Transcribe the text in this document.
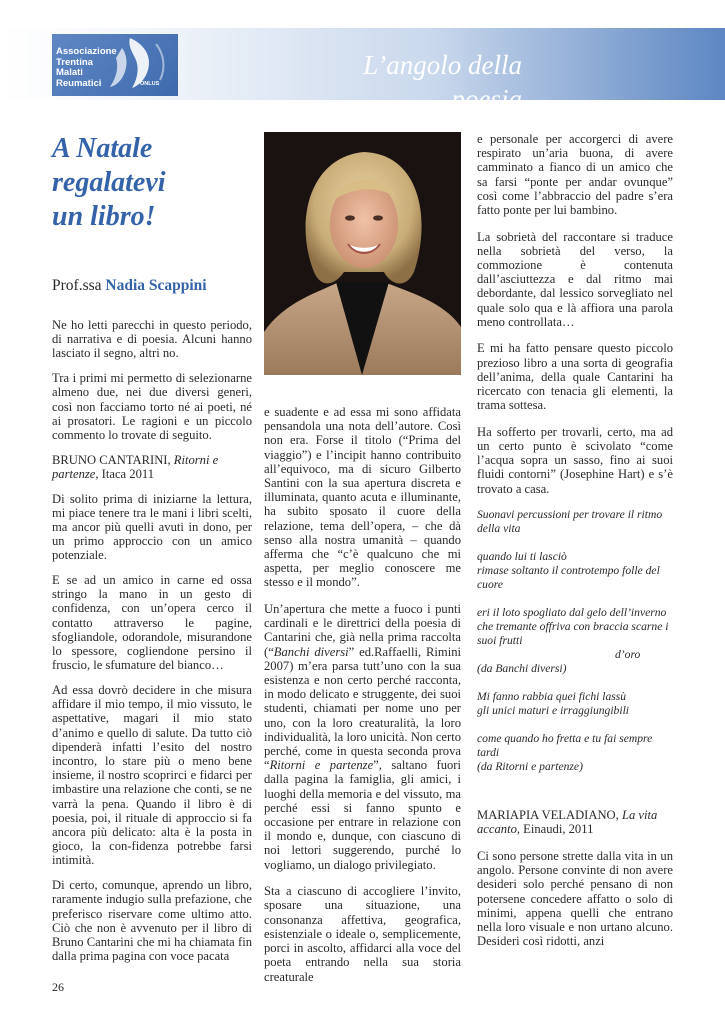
Associazione
Trentina
Malati
Reumatici	ONLUS
L’angolo della poesia
A Natale
regalatevi
un libro!
Prof.ssa Nadia Scappini

Ne ho letti parecchi in questo periodo, di narrativa e di poesia. Alcuni hanno lasciato il segno, altri no.

Tra i primi mi permetto di selezionarne almeno due, nei due diversi generi, così non facciamo torto né ai poeti, né ai prosatori. Le ragioni e un piccolo commento lo trovate di seguito.

BRUNO CANTARINI, Ritorni e partenze, Itaca 2011

Di solito prima di iniziarne la lettura, mi piace tenere tra le mani i libri scelti, ma ancor più quelli avuti in dono, per un primo approccio con un amico potenziale.

E se ad un amico in carne ed ossa stringo la mano in un gesto di confidenza, con un’opera cerco il contatto attraverso le pagine, sfogliandole, odorandole, misurandone lo spessore, cogliendone persino il fruscio, le sfumature del bianco…

Ad essa dovrò decidere in che misura affidare il mio tempo, il mio vissuto, le aspettative, magari il mio stato d’animo e quello di salute. Da tutto ciò dipenderà infatti l’esito del nostro incontro, lo stare più o meno bene insieme, il nostro scoprirci e fidarci per imbastire una relazione che conti, se ne varrà la pena. Quando il libro è di poesia, poi, il rituale di approccio si fa ancora più delicato: alta è la posta in gioco, la con-fidenza potrebbe farsi intimità.

Di certo, comunque, aprendo un libro, raramente indugio sulla prefazione, che preferisco riservare come ultimo atto. Ciò che non è avvenuto per il libro di Bruno Cantarini che mi ha chiamata fin dalla prima pagina con voce pacata

e suadente e ad essa mi sono affidata pensandola una nota dell’autore. Così non era. Forse il titolo (“Prima del viaggio”) e l’incipit hanno contribuito all’equivoco, ma di sicuro Gilberto Santini con la sua apertura discreta e illuminata, quanto acuta e illuminante, ha subito sposato il cuore della relazione, tema dell’opera, – che dà senso alla nostra umanità – quando afferma che “c’è qualcuno che mi aspetta, per meglio conoscere me stesso e il mondo”.

Un’apertura che mette a fuoco i punti cardinali e le direttrici della poesia di Cantarini che, già nella prima raccolta (“Banchi diversi” ed.Raffaelli, Rimini 2007) m’era parsa tutt’uno con la sua esistenza e non certo perché racconta, in modo delicato e struggente, dei suoi studenti, chiamati per nome uno per uno, con la loro creaturalità, la loro individualità, la loro unicità. Non certo perché, come in questa seconda prova “Ritorni e partenze”, saltano fuori dalla pagina la famiglia, gli amici, i luoghi della memoria e del vissuto, ma perché essi si fanno spunto e occasione per entrare in relazione con il mondo e, dunque, con ciascuno di noi lettori suggerendo, purché lo vogliamo, un dialogo privilegiato.

Sta a ciascuno di accogliere l’invito, sposare una situazione, una consonanza affettiva, geografica, esistenziale o ideale o, semplicemente, porci in ascolto, affidarci alla voce del poeta entrando nella sua storia creaturale

e personale per accorgerci di avere respirato un’aria buona, di avere camminato a fianco di un amico che sa farsi “ponte per andar ovunque” così come l’abbraccio del padre s’era fatto ponte per lui bambino.

La sobrietà del raccontare si traduce nella sobrietà del verso, la commozione è contenuta dall’asciuttezza e dal ritmo mai debordante, dal lessico sorvegliato nel quale solo qua e là affiora una parola meno controllata…

E mi ha fatto pensare questo piccolo prezioso libro a una sorta di geografia dell’anima, della quale Cantarini ha ricercato con tenacia gli elementi, la trama sottesa.

Ha sofferto per trovarli, certo, ma ad un certo punto è scivolato “come l’acqua sopra un sasso, fino ai suoi fluidi contorni” (Josephine Hart) e s’è trovato a casa.

Suonavi percussioni per trovare il ritmo
della vita
quando lui ti lasciò
rimase soltanto il controtempo folle del
cuore
eri il loto spogliato dal gelo dell’inverno
che tremante offriva con braccia scarne i
suoi frutti
d’oro
(da Banchi diversi)
Mi fanno rabbia quei fichi lassù
gli unici maturi e irraggiungibili
come quando ho fretta e tu fai sempre
tardi
(da Ritorni e partenze)

MARIAPIA VELADIANO, La vita accanto, Einaudi, 2011

Ci sono persone strette dalla vita in un angolo. Persone convinte di non avere desideri solo perché pensano di non potersene concedere affatto o solo di minimi, appena quelli che entrano nella loro visuale e non urtano alcuno. Desideri così ridotti, anzi

26
